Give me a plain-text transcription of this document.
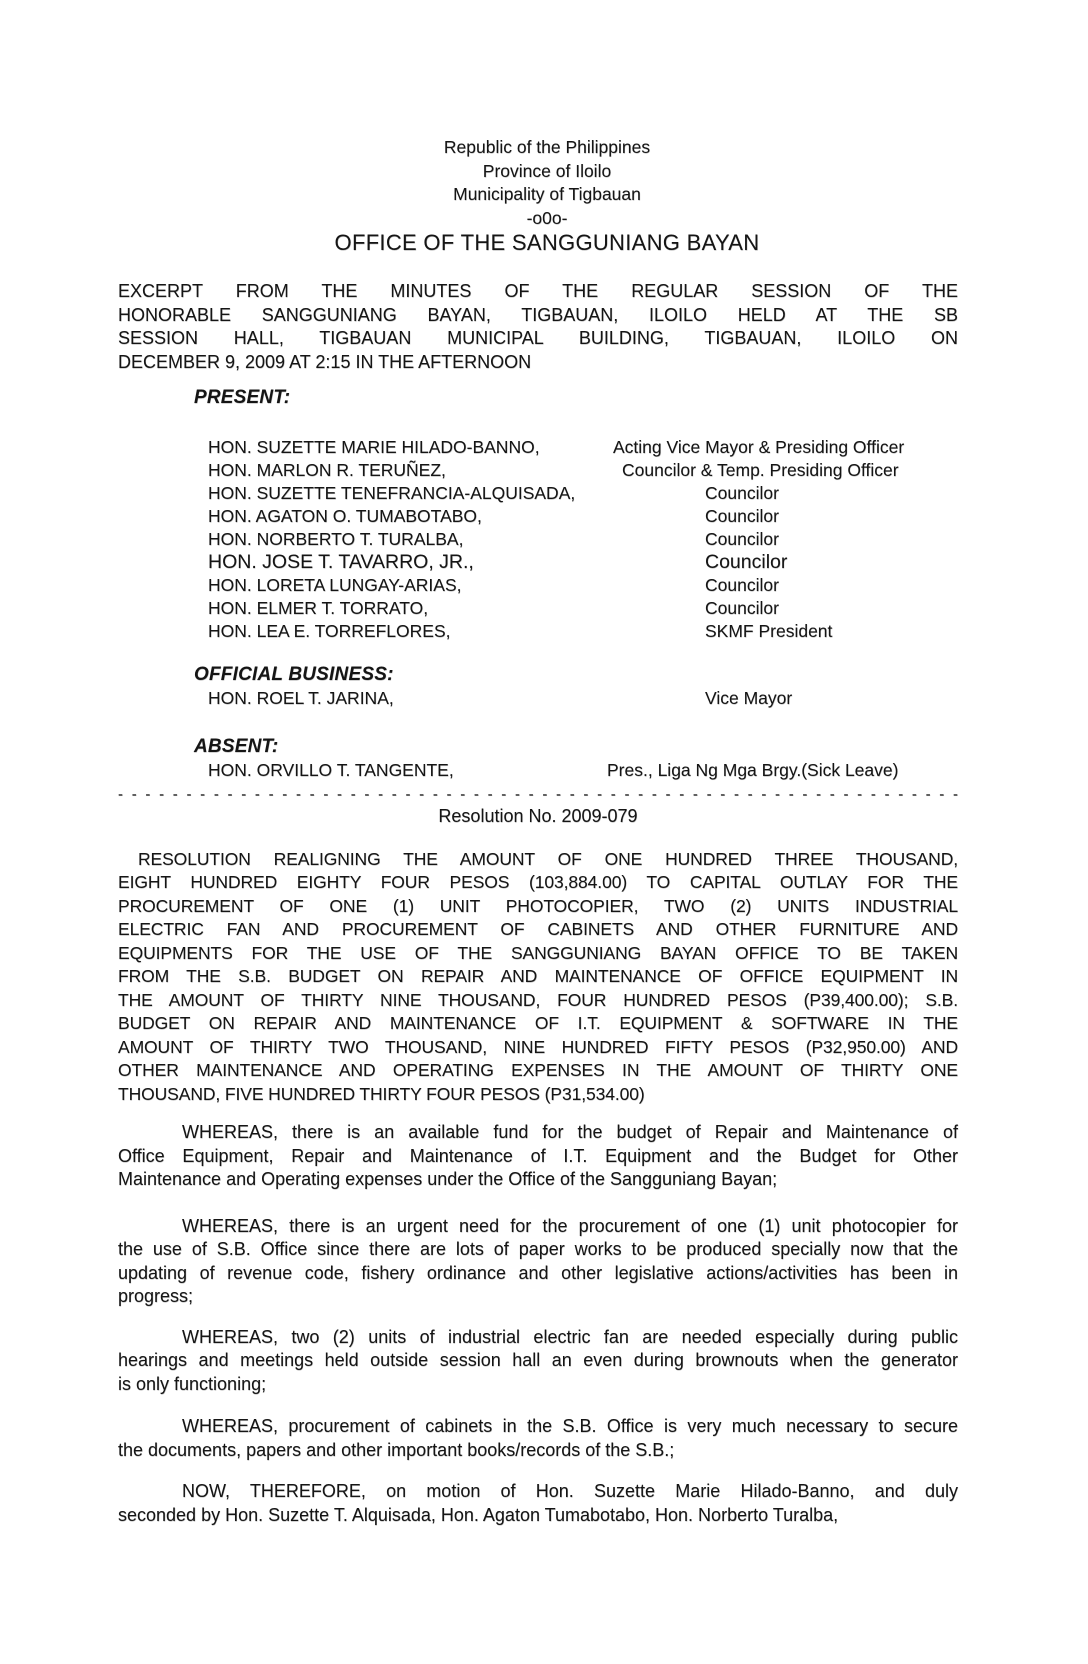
Republic of the Philippines
Province of Iloilo
Municipality of Tigbauan
-o0o-
OFFICE OF THE SANGGUNIANG BAYAN
EXCERPT FROM THE MINUTES OF THE REGULAR SESSION OF THE
HONORABLE SANGGUNIANG BAYAN, TIGBAUAN, ILOILO HELD AT THE SB
SESSION HALL, TIGBAUAN MUNICIPAL BUILDING, TIGBAUAN, ILOILO ON
DECEMBER 9, 2009 AT 2:15 IN THE AFTERNOON
PRESENT:
HON. SUZETTE MARIE HILADO-BANNO,	Acting Vice Mayor & Presiding Officer
HON. MARLON R. TERUÑEZ,	Councilor & Temp. Presiding Officer
HON. SUZETTE TENEFRANCIA-ALQUISADA,	Councilor
HON. AGATON O. TUMABOTABO,	Councilor
HON. NORBERTO T. TURALBA,	Councilor
HON. JOSE T. TAVARRO, JR.,	Councilor
HON. LORETA LUNGAY-ARIAS,	Councilor
HON. ELMER T. TORRATO,	Councilor
HON. LEA E. TORREFLORES,	SKMF President
OFFICIAL BUSINESS:
HON. ROEL T. JARINA,	Vice Mayor
ABSENT:
HON. ORVILLO T. TANGENTE,	Pres., Liga Ng Mga Brgy.(Sick Leave)
- - - - - - - - - - - - - - - - - - - - - - - - - - - - - - - - - - - - - - - - - - - - - - - - - - - - - - - - - - - - - -
Resolution No. 2009-079
RESOLUTION REALIGNING THE AMOUNT OF ONE HUNDRED THREE THOUSAND,
EIGHT HUNDRED EIGHTY FOUR PESOS (103,884.00) TO CAPITAL OUTLAY FOR THE
PROCUREMENT OF ONE (1) UNIT PHOTOCOPIER, TWO (2) UNITS INDUSTRIAL
ELECTRIC FAN AND PROCUREMENT OF CABINETS AND OTHER FURNITURE AND
EQUIPMENTS FOR THE USE OF THE SANGGUNIANG BAYAN OFFICE TO BE TAKEN
FROM THE S.B. BUDGET ON REPAIR AND MAINTENANCE OF OFFICE EQUIPMENT IN
THE AMOUNT OF THIRTY NINE THOUSAND, FOUR HUNDRED PESOS (P39,400.00); S.B.
BUDGET ON REPAIR AND MAINTENANCE OF I.T. EQUIPMENT & SOFTWARE IN THE
AMOUNT OF THIRTY TWO THOUSAND, NINE HUNDRED FIFTY PESOS (P32,950.00) AND
OTHER MAINTENANCE AND OPERATING EXPENSES IN THE AMOUNT OF THIRTY ONE
THOUSAND, FIVE HUNDRED THIRTY FOUR PESOS (P31,534.00)
WHEREAS, there is an available fund for the budget of Repair and Maintenance of
Office Equipment, Repair and Maintenance of I.T. Equipment and the Budget for Other
Maintenance and Operating expenses under the Office of the Sangguniang Bayan;
WHEREAS, there is an urgent need for the procurement of one (1) unit photocopier for
the use of S.B. Office since there are lots of paper works to be produced specially now that the
updating of revenue code, fishery ordinance and other legislative actions/activities has been in
progress;
WHEREAS, two (2) units of industrial electric fan are needed especially during public
hearings and meetings held outside session hall an even during brownouts when the generator
is only functioning;
WHEREAS, procurement of cabinets in the S.B. Office is very much necessary to secure
the documents, papers and other important books/records of the S.B.;
NOW, THEREFORE, on motion of Hon. Suzette Marie Hilado-Banno, and duly
seconded by Hon. Suzette T. Alquisada, Hon. Agaton Tumabotabo, Hon. Norberto Turalba,
